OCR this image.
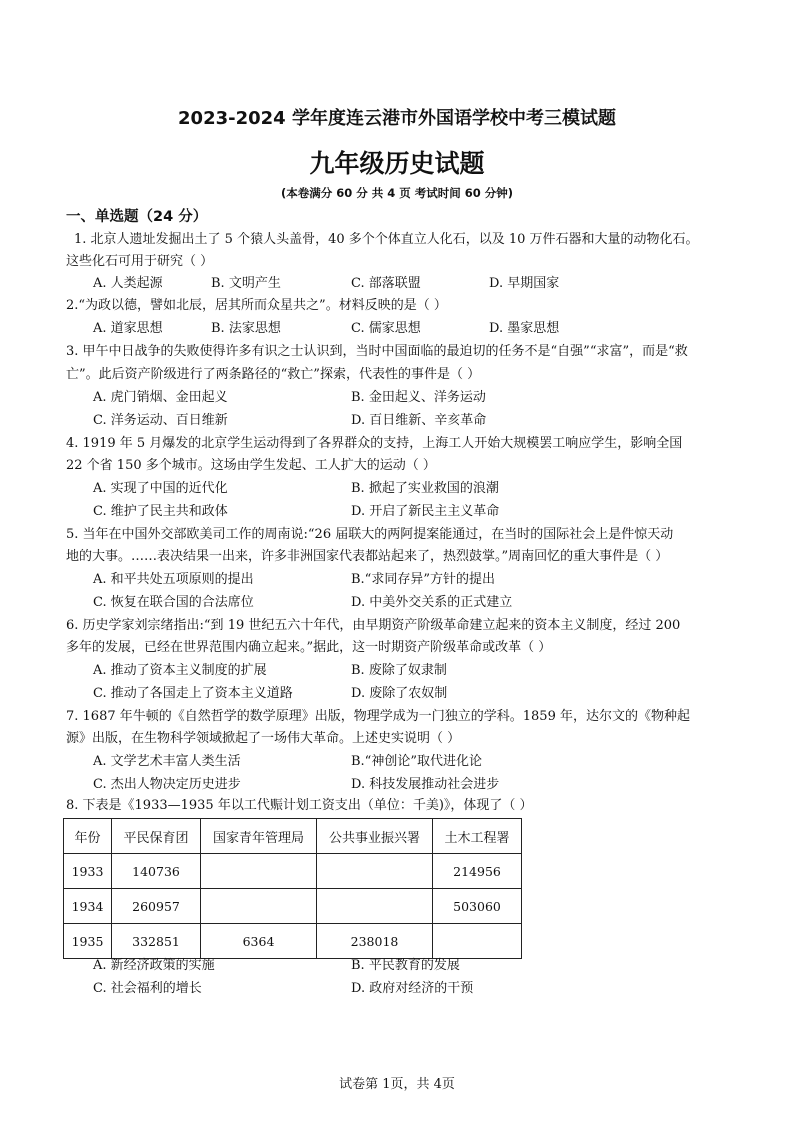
2023-2024 学年度连云港市外国语学校中考三模试题
九年级历史试题
(本卷满分 60 分 共 4 页 考试时间 60 分钟)
一、单选题（24 分）
1. 北京人遗址发掘出土了 5 个猿人头盖骨，40 多个个体直立人化石，以及 10 万件石器和大量的动物化石。
这些化石可用于研究（ ）
A. 人类起源	B. 文明产生	C. 部落联盟	D. 早期国家
2.“为政以德，譬如北辰，居其所而众星共之”。材料反映的是（ ）
A. 道家思想	B. 法家思想	C. 儒家思想	D. 墨家思想
3. 甲午中日战争的失败使得许多有识之士认识到，当时中国面临的最迫切的任务不是“自强”“求富”，而是“救
亡”。此后资产阶级进行了两条路径的“救亡”探索，代表性的事件是（ ）
A. 虎门销烟、金田起义	B. 金田起义、洋务运动
C. 洋务运动、百日维新	D. 百日维新、辛亥革命
4. 1919 年 5 月爆发的北京学生运动得到了各界群众的支持，上海工人开始大规模罢工响应学生，影响全国
22 个省 150 多个城市。这场由学生发起、工人扩大的运动（ ）
A. 实现了中国的近代化	B. 掀起了实业救国的浪潮
C. 维护了民主共和政体	D. 开启了新民主主义革命
5. 当年在中国外交部欧美司工作的周南说:“26 届联大的两阿提案能通过，在当时的国际社会上是件惊天动
地的大事。……表决结果一出来，许多非洲国家代表都站起来了，热烈鼓掌。”周南回忆的重大事件是（ ）
A. 和平共处五项原则的提出	B.“求同存异”方针的提出
C. 恢复在联合国的合法席位	D. 中美外交关系的正式建立
6. 历史学家刘宗绪指出:“到 19 世纪五六十年代，由早期资产阶级革命建立起来的资本主义制度，经过 200
多年的发展，已经在世界范围内确立起来。”据此，这一时期资产阶级革命或改革（ ）
A. 推动了资本主义制度的扩展	B. 废除了奴隶制
C. 推动了各国走上了资本主义道路	D. 废除了农奴制
7. 1687 年牛顿的《自然哲学的数学原理》出版，物理学成为一门独立的学科。1859 年，达尔文的《物种起
源》出版，在生物科学领域掀起了一场伟大革命。上述史实说明（ ）
A. 文学艺术丰富人类生活	B.“神创论”取代进化论
C. 杰出人物决定历史进步	D. 科技发展推动社会进步
8. 下表是《1933—1935 年以工代赈计划工资支出（单位：千美)》，体现了（ ）
年份	平民保育团	国家青年管理局	公共事业振兴署	土木工程署
1933	140736			214956
1934	260957			503060
1935	332851	6364	238018	
A. 新经济政策的实施	B. 平民教育的发展
C. 社会福利的增长	D. 政府对经济的干预
试卷第 1页，共 4页
